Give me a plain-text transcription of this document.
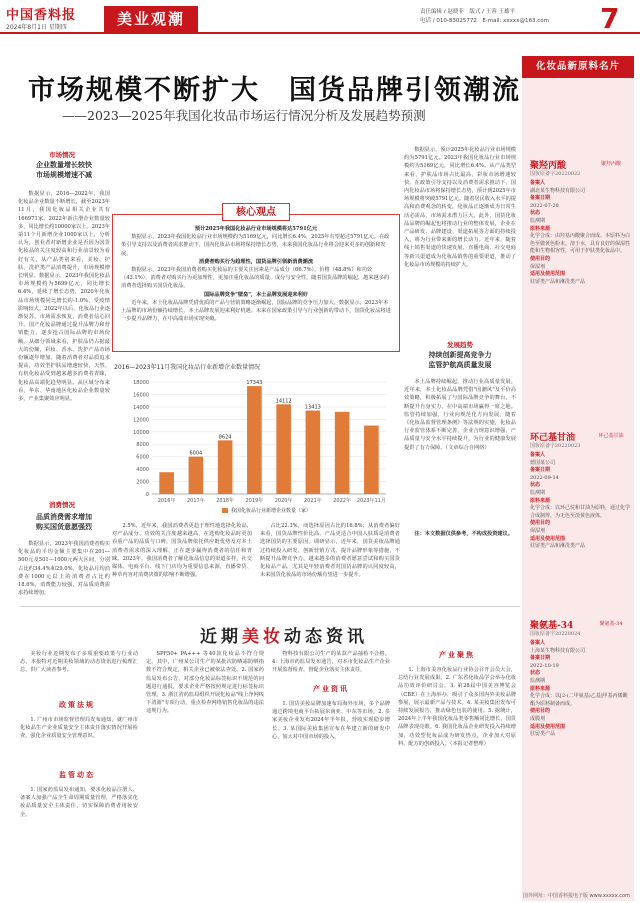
中国香料报
2024年8月1日 星期四	美业观潮	责任编辑 / 赵晓菲　版式 / 王蓉 王雄平
电话 / 010-83025772　E-mail: xxxxx@163.com	7
市场规模不断扩大　国货品牌引领潮流
——2023—2025年我国化妆品市场运行情况分析及发展趋势预测
市场情况
企业数量增长较快
市场规模增速不减

数据显示，2016—2022年，我国化妆品企业数量不断增长，截至2023年11月，我国化妆品相关企业共有166971家。2022年新注册企业数量较多，同比增长约10000家以上。2023年第11个月新增企业1000家以上，分析认为，创业者对新增企业是否因为国货化妆品的关注度较高和行业前景较为看好有关。从产品类别来看，美妆、护肤、洗护类产品消费提升，市场规模增长明显。数据显示，2023年我国化妆品市场规模约为5699亿元，同比增长6.4%，延续了增长态势，2020年化妆品市场规模同比增长约-1.0%，受疫情影响较大。2022年以后，化妆品行业逐渐复苏，市场需求恢复，消费者信心回升。国产化妆品牌通过提升品牌力和营销能力，逐步抢占国际品牌的市场份额。从细分领域来看，护肤品仍占据最大的份额，彩妆、香水、洗护产品市场份额逐年增加。随着消费者对品质追求提高，功效型护肤品增速较快，天然、有机化妆品受到越来越多消费者青睐，化妆品高端化趋势明显。从区域分布来看，华东、华南地区化妆品企业数量较多，产业集聚效应明显。

消费情况
品质消费需求增加
购买国货意愿强烈

数据显示，2023年我国消费者购买化妆品的平均金额主要集中在201—500元及501—1000元两大区间，分别占比约34.4%和29.0%，化妆品月均消费在1000元以上的消费者占比约18.6%，消费能力较强，对品质消费需求持续增加。

预计2025年我国化妆品行业市场规模将达5791亿元

数据显示，2023年我国化妆品行业市场规模约为5169亿元，同比增长6.4%，2025年有望超过5791亿元。在政策引导支持以及消费者需求推动下，国内化妆品市场将保持增长态势，未来我国化妆品行业将会迎来更多的创新和发展。

消费者购买行为趋理性，国货品牌引领新消费潮流

数据显示，2023年我国消费者购买化妆品的主要关注因素是产品成分（66.7%），价格（48.8%）和功效（43.1%），消费者对购买行为更加理性，更加注重化妆品的质量、成分与安全性。随着国货品牌的崛起，越来越多的消费者选择购买国货化妆品。

国际品牌竞争"壁垒"，本土品牌发展迎来利好

近年来，本土化妆品品牌凭借优质的产品与营销策略逐渐崛起，国际品牌的竞争压力加大。数据显示，2023年本土品牌的市场份额持续增长，本土品牌发展迎来利好机遇。未来在国家政策引导与行业创新的带动下，国货化妆品将进一步提升品牌力，在中高端市场实现突破。

核心观点
2016—2023年11月我国化妆品行业新增企业数量情况
0
2000
4000
6000
8000
10000
12000
14000
16000
18000
2016年
6004
2017年
8624
2018年
17343
2019年
14112
2020年
13413
2021年 2022年 2023年11月
我国化妆品行业新增企业数量（家）

2.5%，近年来，我国消费者更趋于理性地选择化妆品，对产品成分、功效的关注度越来越高，在选购化妆品时更加看重产品的品质与口碑。国货品牌依托供应链优势及对本土消费者需求的深入理解，正在逐步赢得消费者的信任和青睐。2023年，我国消费者了解化妆品信息的渠道多样，社交媒体、电商平台、线下门店均为重要信息来源，直播带货、种草内容对消费决策的影响不断增强。

占比22.3%，而选择原因占比约16.8%；从消费者偏好来看，国货品牌性价比高、产品更适合中国人肤质是消费者选择国货的主要原因。调研显示，近年来，国货美妆品牌通过持续投入研发、创新营销方式、提升品牌形象等措施，不断提升品牌竞争力，越来越多的消费者愿意尝试和购买国货化妆品产品，尤其是年轻消费者对国货品牌的认同度较高，未来国货化妆品的市场份额有望进一步提升。

数据显示，预计2025年化妆品行业市场规模约为5791亿元。2023年我国化妆品行业市场规模约为5169亿元，同比增长6.4%。从产品类型来看，护肤品市场占比最高，彩妆市场增速较快。在政策引导支持以及消费者需求推动下，国内化妆品市场将保持增长态势，预计到2025年市场规模将突破5791亿元。随着居民收入水平的提高和消费观念的转变，化妆品正逐渐成为日常生活必需品，市场需求潜力巨大。此外，国货化妆品品牌的崛起也将推动行业的整体发展，企业在产品研发、品牌建设、渠道拓展等方面的持续投入，将为行业带来新的增长动力。近年来，随着线上销售渠道的快速发展，直播电商、社交电商等新兴渠道成为化妆品销售的重要渠道，推动了化妆品市场规模的持续扩大。

发展趋势
持续创新提高竞争力
监管护航高质量发展

本土品牌持续崛起，推动行业高质量发展。近年来，本土化妆品品牌凭借"国潮风"及平价高效策略，积极拓展了与国际品牌竞争的舞台，不断提升自身实力，在中高端市场赢得一席之地。监管持续加强，行业向规范化方向发展。随着《化妆品监督管理条例》等法规的实施，化妆品行业监管体系不断完善，企业合规意识增强，产品质量与安全水平持续提升，为行业的健康发展提供了有力保障。（文章综合自网络）

注：本文数据仅供参考，不构成投资建议。

化妆品新原料名片
聚羟丙酸
国妆原备字20220022
备案人
湖北某生物科技有限公司
备案日期
2022-07-28
状态
监测期
原料来源
化学合成：由羟基丙酸聚合而成。本原料为白色至微黄色粉末，溶于水，具有良好的保湿性能和生物相容性，可用于护肤类化妆品中。
使用目的
保湿剂
适用及使用范围
驻留类产品和淋洗类产品
聚羟丙酸
环己基甘油
国妆原备字20220023
备案人
德国某公司
备案日期
2022-09-14
状态
监测期
原料来源
化学合成：以环己烷和甘油为原料，通过化学合成制得，为无色至淡黄色液体。
使用目的
保湿剂
适用及使用范围
驻留类产品和淋洗类产品
环己基甘油
聚氨基-34
国妆原备字20220024
备案人
上海某生物科技有限公司
备案日期
2022-10-19
状态
监测期
原料来源
化学合成：以[2-(二甲氨基)乙基]甲基丙烯酸酯为原料制备而成。
使用目的
成膜剂
适用及使用范围
驻留类产品
聚氨基-34
近期美妆动态资讯

美妆行业近期发布了多项重要政策与行业动态，本报特对近期美妆领域的动态资讯进行梳理汇总，供广大读者参考。

政策法规

1. 广州市市场监督管理局发布通知，就广州市化妆品生产企业质量安全主体责任落实情况开展检查，强化企业质量安全管理意识。

监管动态

1. 国家药监局发布通知，要求化妆品注册人、备案人加强产品全生命周期质量管理，严格落实化妆品质量安全主体责任，切实保障消费者用妆安全。

SPF50+ PA+++ 等40款化妆品不符合规定。其中，广州某公司生产的某批次防晒霜防晒指数不符合规定，相关企业已被依法查处。2. 国家药监局发布公告，对部分化妆品标签标识不规范的问题进行通报，要求企业严格按照规定进行标签标识管理。3. 浙江省药监局组织开展化妆品"线上净网线下清源"专项行动，重点检查网络销售化妆品的违法违规行为。

物科技有限公司生产的某款产品抽检不合格。4. 上海市药监局发布通告，对本市化妆品生产企业开展监督检查，督促企业落实主体责任。

产业资讯

1. 国货美妆品牌加速布局海外市场，多个品牌通过跨境电商平台拓展东南亚、中东等市场。2. 多家美妆企业发布2024年半年报，营收实现稳步增长。3. 某国际美妆集团宣布在华建立新的研发中心，加大对中国市场的投入。

产业聚焦

1. 上海市美容化妆品行业协会召开会员大会，总结行业发展成果。2. 广东省化妆品学会举办化妆品功效评价研讨会。3. 第28届中国美容博览会（CBE）在上海举办，吸引了众多国内外美妆品牌参展，展示最新产品与技术。4. 某美妆集团发布可持续发展报告，推动绿色包装的使用。5. 据统计，2024年上半年我国化妆品类零售额同比增长，国货品牌表现亮眼。6. 我国化妆品企业研发投入持续增加，功效型化妆品成为研发热点，企业加大对原料、配方的创新投入。（本报记者整理）

国外网址：中国香料报电子版 www.xxxxx.com
